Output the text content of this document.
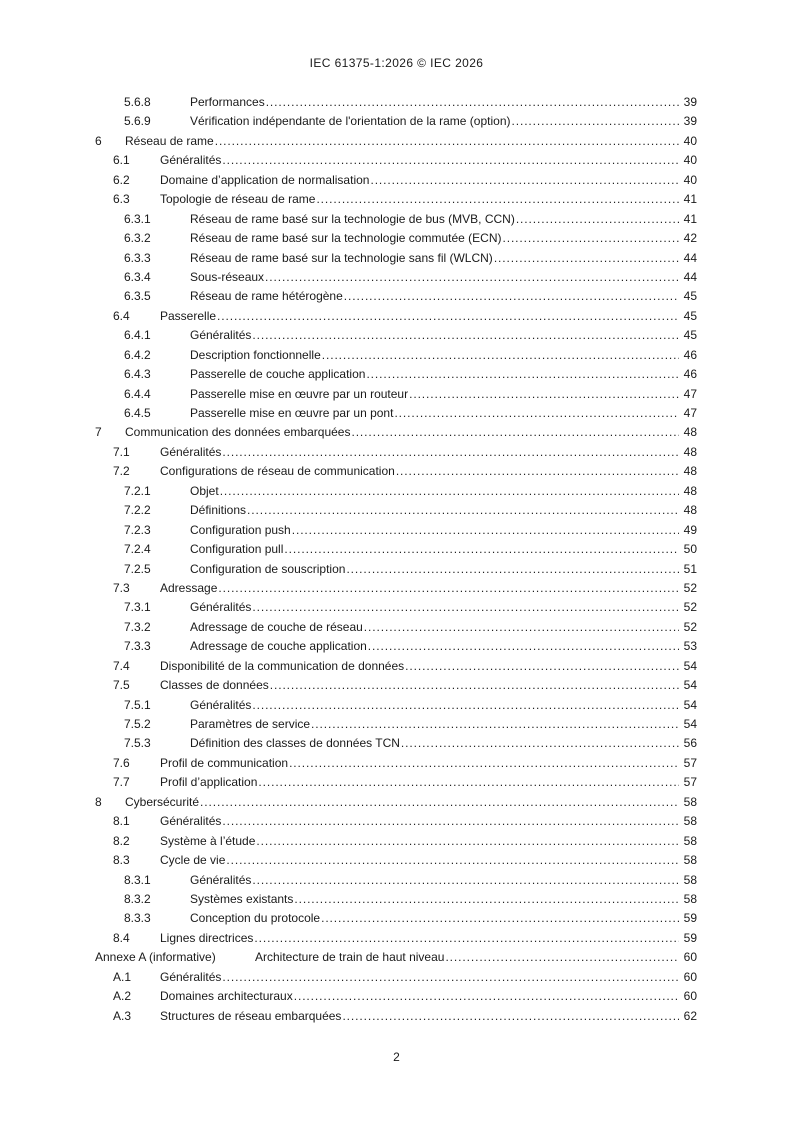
IEC 61375-1:2026 © IEC 2026
5.6.8	Performances .....	39
5.6.9	Vérification indépendante de l'orientation de la rame (option) .....	39
6 Réseau de rame .....	40
6.1	Généralités .....	40
6.2	Domaine d’application de normalisation .....	40
6.3	Topologie de réseau de rame .....	41
6.3.1	Réseau de rame basé sur la technologie de bus (MVB, CCN) .....	41
6.3.2	Réseau de rame basé sur la technologie commutée (ECN) .....	42
6.3.3	Réseau de rame basé sur la technologie sans fil (WLCN) .....	44
6.3.4	Sous-réseaux .....	44
6.3.5	Réseau de rame hétérogène .....	45
6.4	Passerelle .....	45
6.4.1	Généralités .....	45
6.4.2	Description fonctionnelle .....	46
6.4.3	Passerelle de couche application .....	46
6.4.4	Passerelle mise en œuvre par un routeur .....	47
6.4.5	Passerelle mise en œuvre par un pont .....	47
7 Communication des données embarquées .....	48
7.1	Généralités .....	48
7.2	Configurations de réseau de communication .....	48
7.2.1	Objet .....	48
7.2.2	Définitions .....	48
7.2.3	Configuration push .....	49
7.2.4	Configuration pull .....	50
7.2.5	Configuration de souscription .....	51
7.3	Adressage .....	52
7.3.1	Généralités .....	52
7.3.2	Adressage de couche de réseau .....	52
7.3.3	Adressage de couche application .....	53
7.4	Disponibilité de la communication de données .....	54
7.5	Classes de données .....	54
7.5.1	Généralités .....	54
7.5.2	Paramètres de service .....	54
7.5.3	Définition des classes de données TCN .....	56
7.6	Profil de communication .....	57
7.7	Profil d’application .....	57
8 Cybersécurité .....	58
8.1	Généralités .....	58
8.2	Système à l’étude .....	58
8.3	Cycle de vie .....	58
8.3.1	Généralités .....	58
8.3.2	Systèmes existants .....	58
8.3.3	Conception du protocole .....	59
8.4	Lignes directrices .....	59
Annexe A (informative)	Architecture de train de haut niveau .....	60
A.1 Généralités .....	60
A.2 Domaines architecturaux .....	60
A.3 Structures de réseau embarquées .....	62
2
